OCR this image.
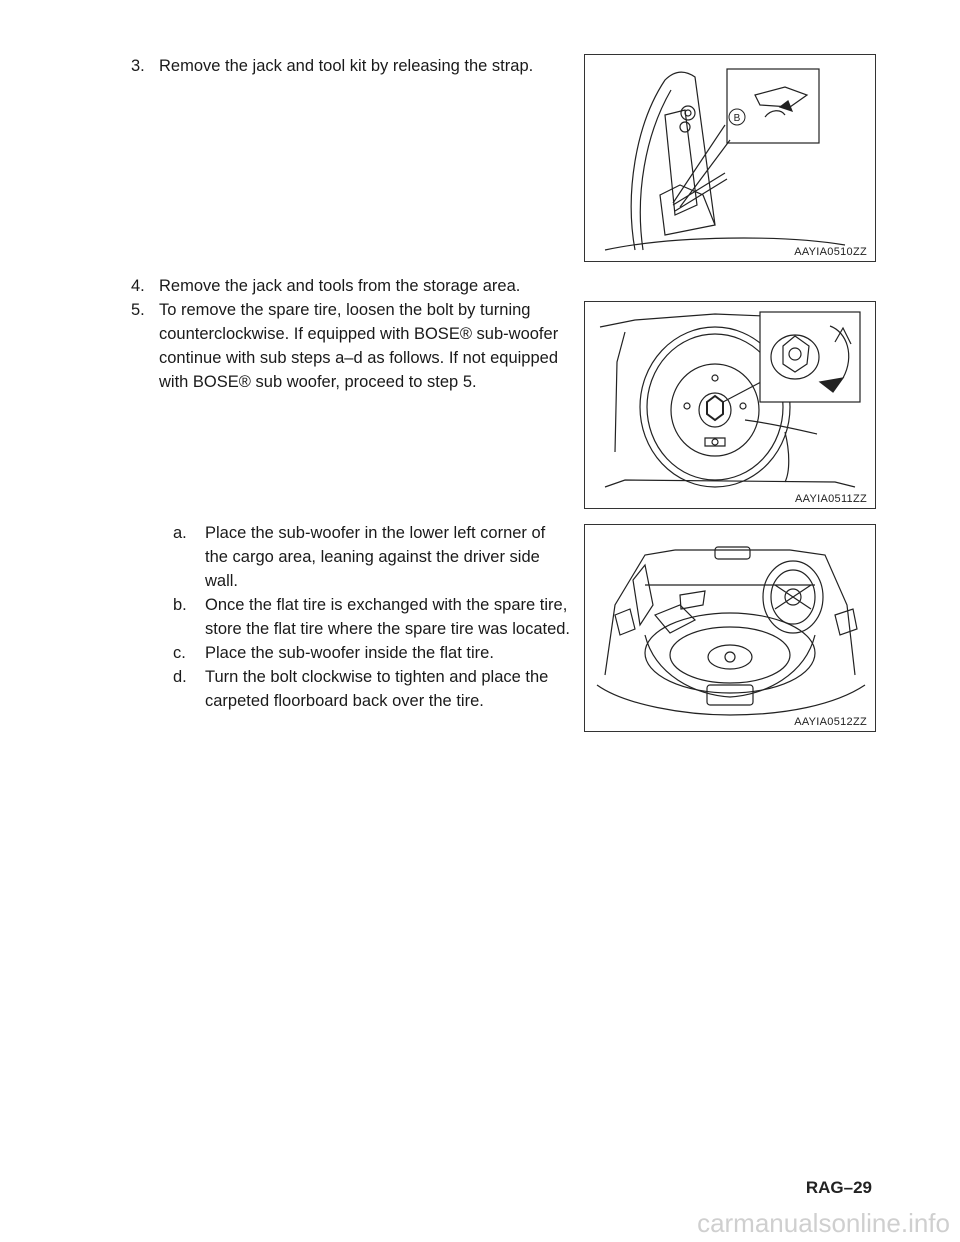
3. Remove the jack and tool kit by releasing the strap.
B
AAYIA0510ZZ
4. Remove the jack and tools from the storage area.
5. To remove the spare tire, loosen the bolt by turning counterclockwise. If equipped with BOSE® sub-woofer continue with sub steps a–d as follows. If not equipped with BOSE® sub woofer, proceed to step 5.
AAYIA0511ZZ
a.	Place the sub-woofer in the lower left corner of the cargo area, leaning against the driver side wall.
b.	Once the flat tire is exchanged with the spare tire, store the flat tire where the spare tire was located.
c.	Place the sub-woofer inside the flat tire.
d.	Turn the bolt clockwise to tighten and place the carpeted floorboard back over the tire.
AAYIA0512ZZ
RAG–29
carmanualsonline.info
